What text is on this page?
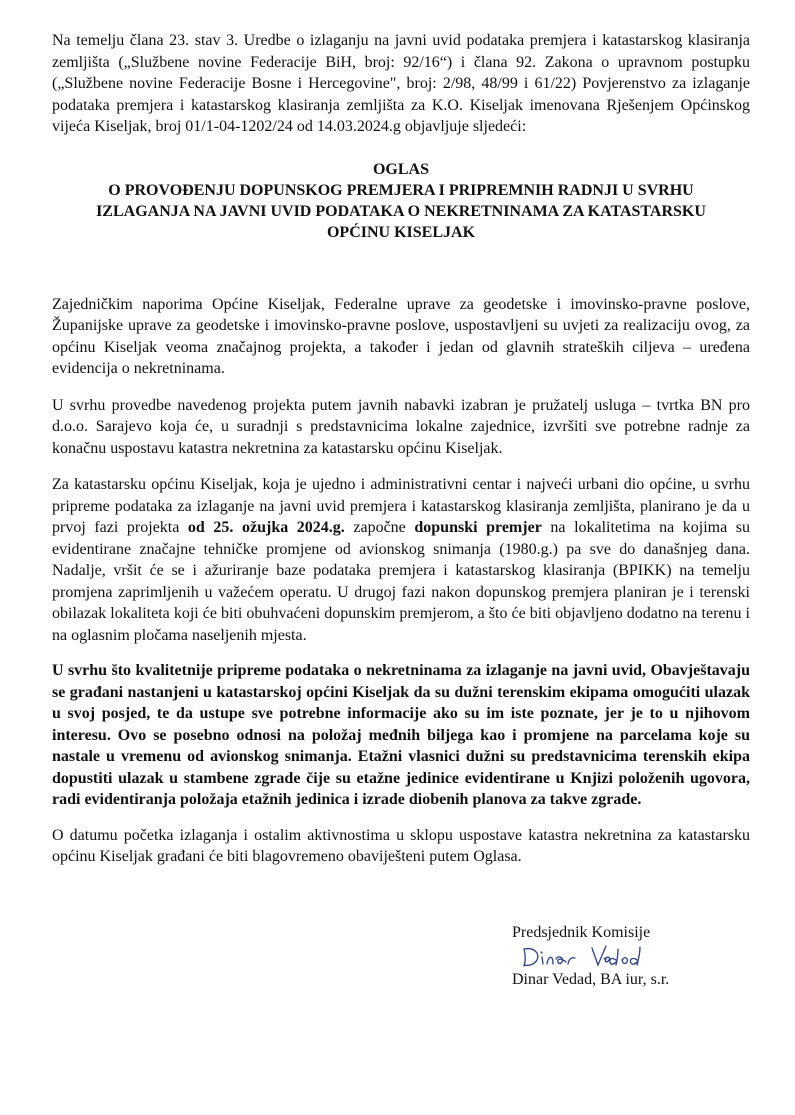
Na temelju člana 23. stav 3. Uredbe o izlaganju na javni uvid podataka premjera i katastarskog klasiranja zemljišta („Službene novine Federacije BiH, broj: 92/16“) i člana 92. Zakona o upravnom postupku („Službene novine Federacije Bosne i Hercegovine", broj: 2/98, 48/99 i 61/22) Povjerenstvo za izlaganje podataka premjera i katastarskog klasiranja zemljišta za K.O. Kiseljak imenovana Rješenjem Općinskog vijeća Kiseljak, broj 01/1-04-1202/24 od 14.03.2024.g objavljuje sljedeći:

OGLAS
O PROVOĐENJU DOPUNSKOG PREMJERA I PRIPREMNIH RADNJI U SVRHU
IZLAGANJA NA JAVNI UVID PODATAKA O NEKRETNINAMA ZA KATASTARSKU
OPĆINU KISELJAK

Zajedničkim naporima Općine Kiseljak, Federalne uprave za geodetske i imovinsko-pravne poslove, Županijske uprave za geodetske i imovinsko-pravne poslove, uspostavljeni su uvjeti za realizaciju ovog, za općinu Kiseljak veoma značajnog projekta, a također i jedan od glavnih strateških ciljeva – uređena evidencija o nekretninama.

U svrhu provedbe navedenog projekta putem javnih nabavki izabran je pružatelj usluga – tvrtka BN pro d.o.o. Sarajevo koja će, u suradnji s predstavnicima lokalne zajednice, izvršiti sve potrebne radnje za konačnu uspostavu katastra nekretnina za katastarsku općinu Kiseljak.

Za katastarsku općinu Kiseljak, koja je ujedno i administrativni centar i najveći urbani dio općine, u svrhu pripreme podataka za izlaganje na javni uvid premjera i katastarskog klasiranja zemljišta, planirano je da u prvoj fazi projekta od 25. ožujka 2024.g. započne dopunski premjer na lokalitetima na kojima su evidentirane značajne tehničke promjene od avionskog snimanja (1980.g.) pa sve do današnjeg dana. Nadalje, vršit će se i ažuriranje baze podataka premjera i katastarskog klasiranja (BPIKK) na temelju promjena zaprimljenih u važećem operatu. U drugoj fazi nakon dopunskog premjera planiran je i terenski obilazak lokaliteta koji će biti obuhvaćeni dopunskim premjerom, a što će biti objavljeno dodatno na terenu i na oglasnim pločama naseljenih mjesta.

U svrhu što kvalitetnije pripreme podataka o nekretninama za izlaganje na javni uvid, Obavještavaju se građani nastanjeni u katastarskoj općini Kiseljak da su dužni terenskim ekipama omogućiti ulazak u svoj posjed, te da ustupe sve potrebne informacije ako su im iste poznate, jer je to u njihovom interesu. Ovo se posebno odnosi na položaj međnih biljega kao i promjene na parcelama koje su nastale u vremenu od avionskog snimanja. Etažni vlasnici dužni su predstavnicima terenskih ekipa dopustiti ulazak u stambene zgrade čije su etažne jedinice evidentirane u Knjizi položenih ugovora, radi evidentiranja položaja etažnih jedinica i izrade diobenih planova za takve zgrade.

O datumu početka izlaganja i ostalim aktivnostima u sklopu uspostave katastra nekretnina za katastarsku općinu Kiseljak građani će biti blagovremeno obaviješteni putem Oglasa.

Predsjednik Komisije
Dinar Vedad, BA iur, s.r.
